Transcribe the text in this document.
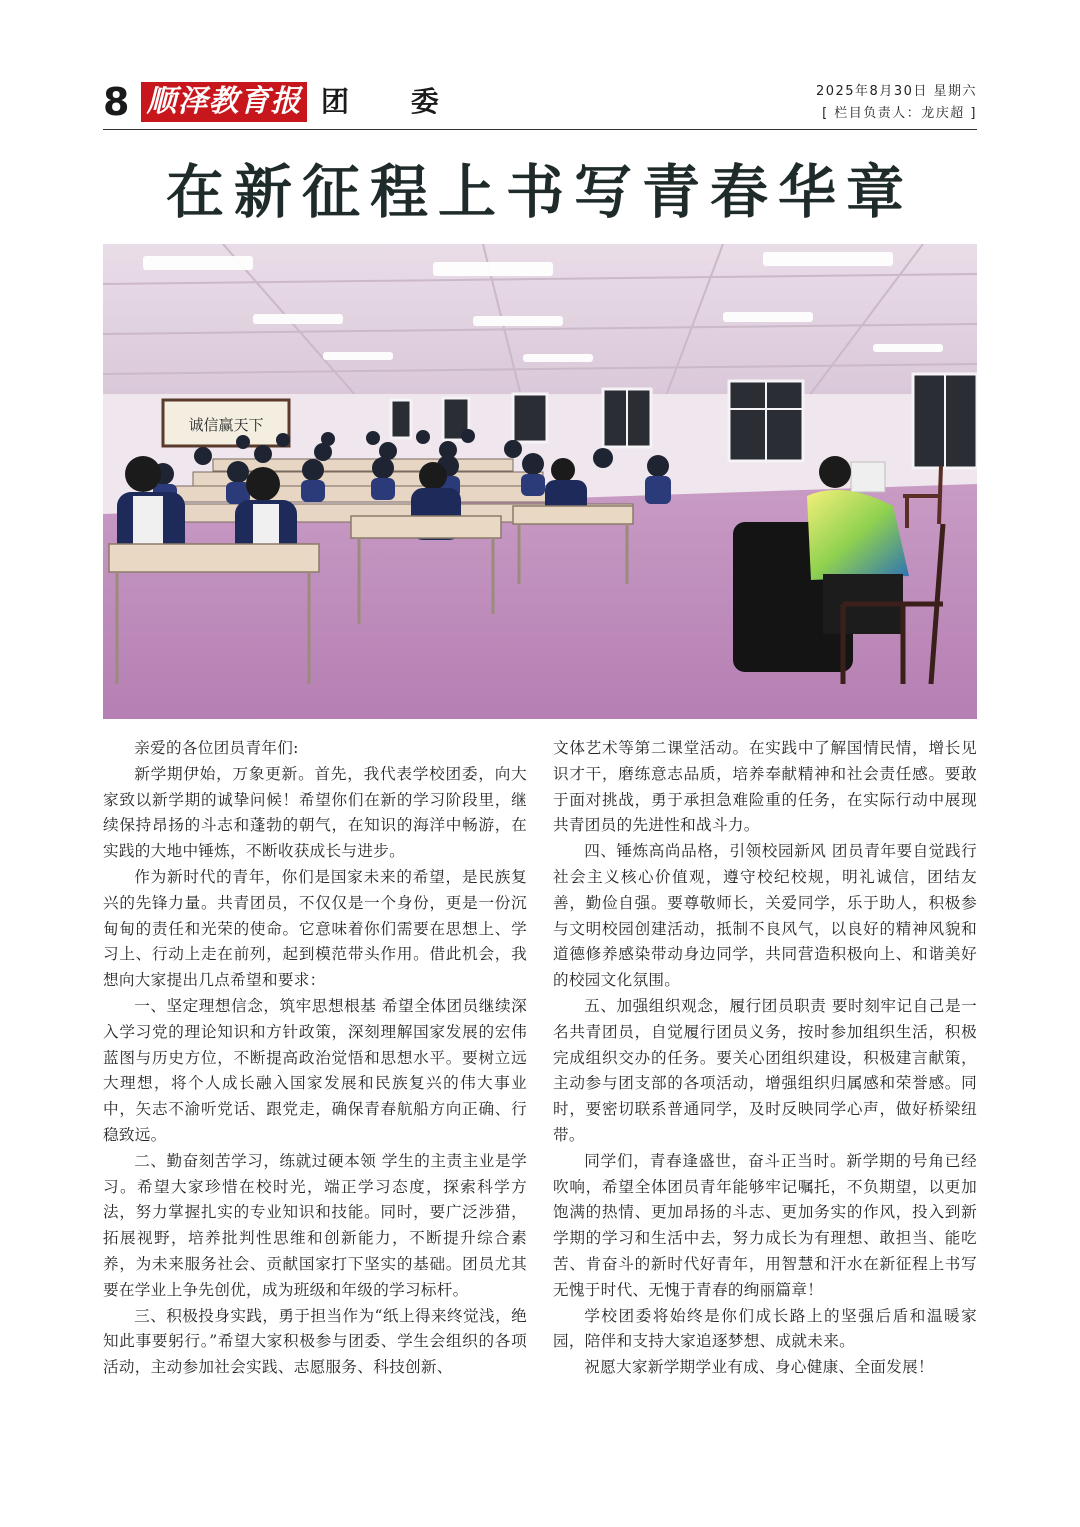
8 顺泽教育报 团 委	2025年8月30日 星期六
[ 栏目负责人：龙庆超 ]
在新征程上书写青春华章
诚信赢天下

亲爱的各位团员青年们:

新学期伊始，万象更新。首先，我代表学校团委，向大家致以新学期的诚挚问候！希望你们在新的学习阶段里，继续保持昂扬的斗志和蓬勃的朝气，在知识的海洋中畅游，在实践的大地中锤炼，不断收获成长与进步。

作为新时代的青年，你们是国家未来的希望，是民族复兴的先锋力量。共青团员，不仅仅是一个身份，更是一份沉甸甸的责任和光荣的使命。它意味着你们需要在思想上、学习上、行动上走在前列，起到模范带头作用。借此机会，我想向大家提出几点希望和要求：

一、坚定理想信念，筑牢思想根基 希望全体团员继续深入学习党的理论知识和方针政策，深刻理解国家发展的宏伟蓝图与历史方位，不断提高政治觉悟和思想水平。要树立远大理想，将个人成长融入国家发展和民族复兴的伟大事业中，矢志不渝听党话、跟党走，确保青春航船方向正确、行稳致远。

二、勤奋刻苦学习，练就过硬本领 学生的主责主业是学习。希望大家珍惜在校时光，端正学习态度，探索科学方法，努力掌握扎实的专业知识和技能。同时，要广泛涉猎，拓展视野，培养批判性思维和创新能力，不断提升综合素养，为未来服务社会、贡献国家打下坚实的基础。团员尤其要在学业上争先创优，成为班级和年级的学习标杆。

三、积极投身实践，勇于担当作为“纸上得来终觉浅，绝知此事要躬行。”希望大家积极参与团委、学生会组织的各项活动，主动参加社会实践、志愿服务、科技创新、

文体艺术等第二课堂活动。在实践中了解国情民情，增长见识才干，磨练意志品质，培养奉献精神和社会责任感。要敢于面对挑战，勇于承担急难险重的任务，在实际行动中展现共青团员的先进性和战斗力。

四、锤炼高尚品格，引领校园新风 团员青年要自觉践行社会主义核心价值观，遵守校纪校规，明礼诚信，团结友善，勤俭自强。要尊敬师长，关爱同学，乐于助人，积极参与文明校园创建活动，抵制不良风气，以良好的精神风貌和道德修养感染带动身边同学，共同营造积极向上、和谐美好的校园文化氛围。

五、加强组织观念，履行团员职责 要时刻牢记自己是一名共青团员，自觉履行团员义务，按时参加组织生活，积极完成组织交办的任务。要关心团组织建设，积极建言献策，主动参与团支部的各项活动，增强组织归属感和荣誉感。同时，要密切联系普通同学，及时反映同学心声，做好桥梁纽带。

同学们，青春逢盛世，奋斗正当时。新学期的号角已经吹响，希望全体团员青年能够牢记嘱托，不负期望，以更加饱满的热情、更加昂扬的斗志、更加务实的作风，投入到新学期的学习和生活中去，努力成长为有理想、敢担当、能吃苦、肯奋斗的新时代好青年，用智慧和汗水在新征程上书写无愧于时代、无愧于青春的绚丽篇章！

学校团委将始终是你们成长路上的坚强后盾和温暖家园，陪伴和支持大家追逐梦想、成就未来。

祝愿大家新学期学业有成、身心健康、全面发展！
